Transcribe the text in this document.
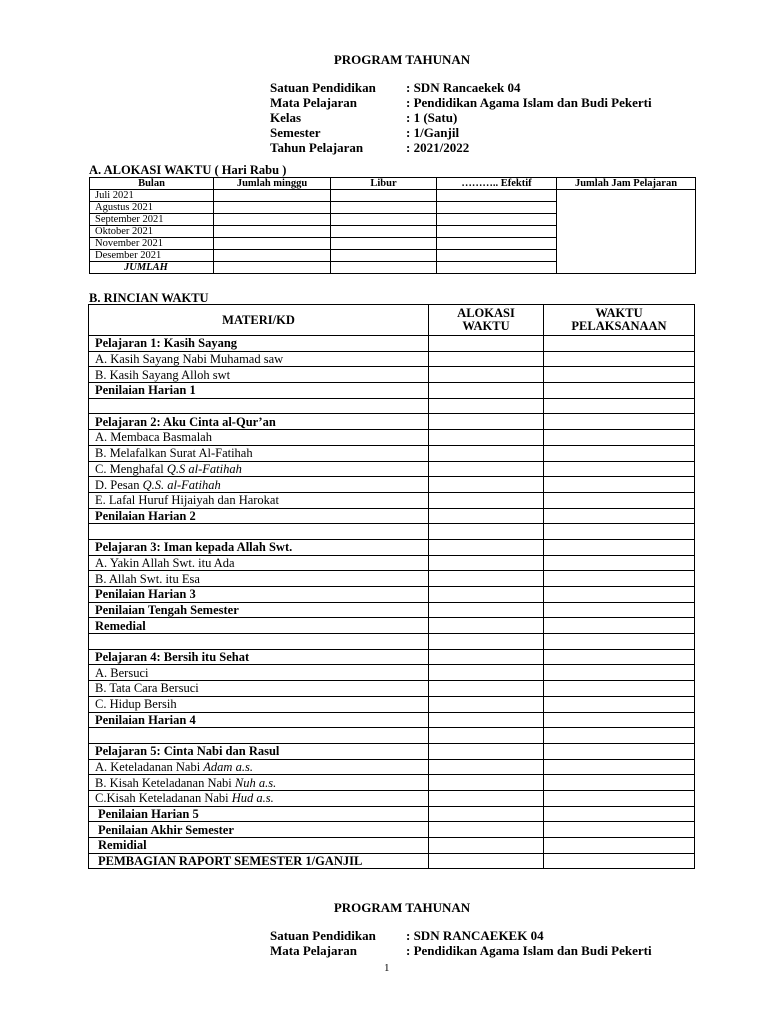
PROGRAM TAHUNAN
Satuan Pendidikan	: SDN Rancaekek 04
Mata Pelajaran	: Pendidikan Agama Islam dan Budi Pekerti
Kelas	: 1 (Satu)
Semester	: 1/Ganjil
Tahun Pelajaran	: 2021/2022
A. ALOKASI WAKTU ( Hari Rabu )
Bulan	Jumlah minggu	Libur	……….. Efektif	Jumlah Jam Pelajaran
Juli 2021				
Agustus 2021				
September 2021				
Oktober 2021				
November 2021				
Desember 2021				
JUMLAH				
B. RINCIAN WAKTU
MATERI/KD	ALOKASI WAKTU	WAKTU PELAKSANAAN
Pelajaran 1: Kasih Sayang		
A. Kasih Sayang Nabi Muhamad saw		
B. Kasih Sayang Alloh swt		
Penilaian Harian 1		

Pelajaran 2: Aku Cinta al-Qur’an		
A. Membaca Basmalah		
B. Melafalkan Surat Al-Fatihah		
C. Menghafal Q.S al-Fatihah		
D. Pesan Q.S. al-Fatihah		
E. Lafal Huruf Hijaiyah dan Harokat		
Penilaian Harian 2		

Pelajaran 3: Iman kepada Allah Swt.		
A. Yakin Allah Swt. itu Ada		
B. Allah Swt. itu Esa		
Penilaian Harian 3		
Penilaian Tengah Semester		
Remedial		

Pelajaran 4: Bersih itu Sehat		
A. Bersuci		
B. Tata Cara Bersuci		
C. Hidup Bersih		
Penilaian Harian 4		

Pelajaran 5: Cinta Nabi dan Rasul		
A. Keteladanan Nabi Adam a.s.		
B. Kisah Keteladanan Nabi Nuh a.s.		
C.Kisah Keteladanan Nabi Hud a.s.		
Penilaian Harian 5		
Penilaian Akhir Semester		
Remidial		
PEMBAGIAN RAPORT SEMESTER 1/GANJIL		
PROGRAM TAHUNAN
Satuan Pendidikan	: SDN RANCAEKEK 04
Mata Pelajaran	: Pendidikan Agama Islam dan Budi Pekerti
1
